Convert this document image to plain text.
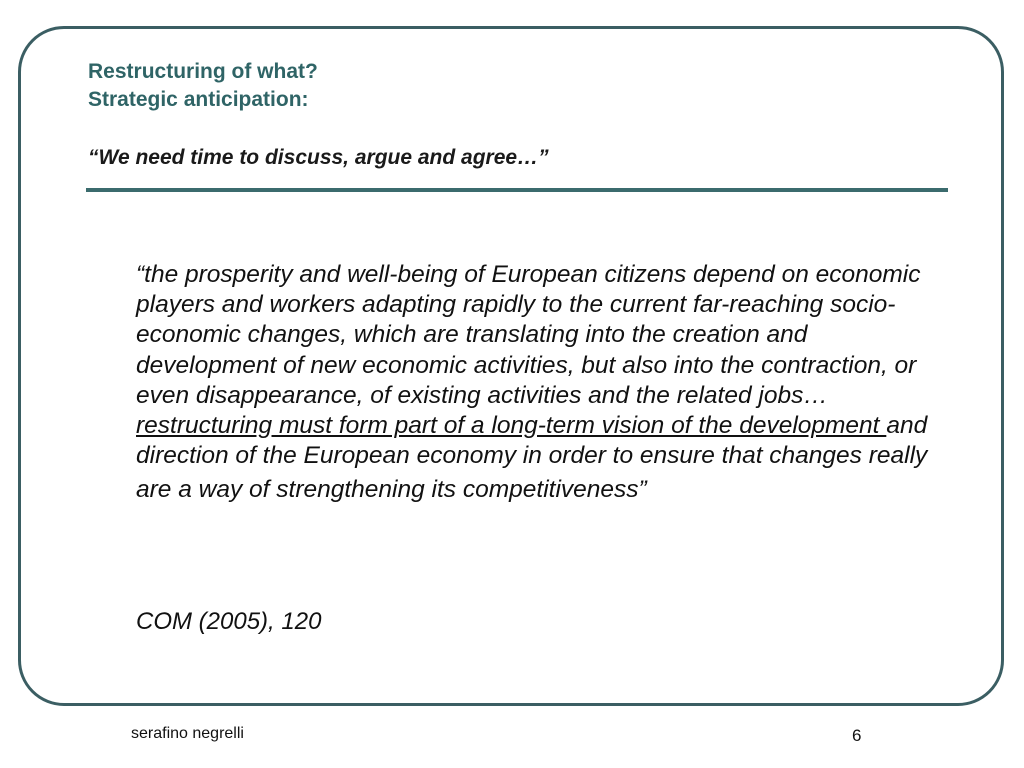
Restructuring of what?
Strategic anticipation:
“We need time to discuss, argue and agree…”
“the prosperity and well-being of European citizens depend on economic players and workers adapting rapidly to the current far-reaching socio-economic changes, which are translating into the creation and development of new economic activities, but also into the contraction, or even disappearance, of existing activities and the related jobs…restructuring must form part of a long-term vision of the development and direction of the European economy in order to ensure that changes really
are a way of strengthening its competitiveness”
COM (2005), 120
serafino negrelli	6
